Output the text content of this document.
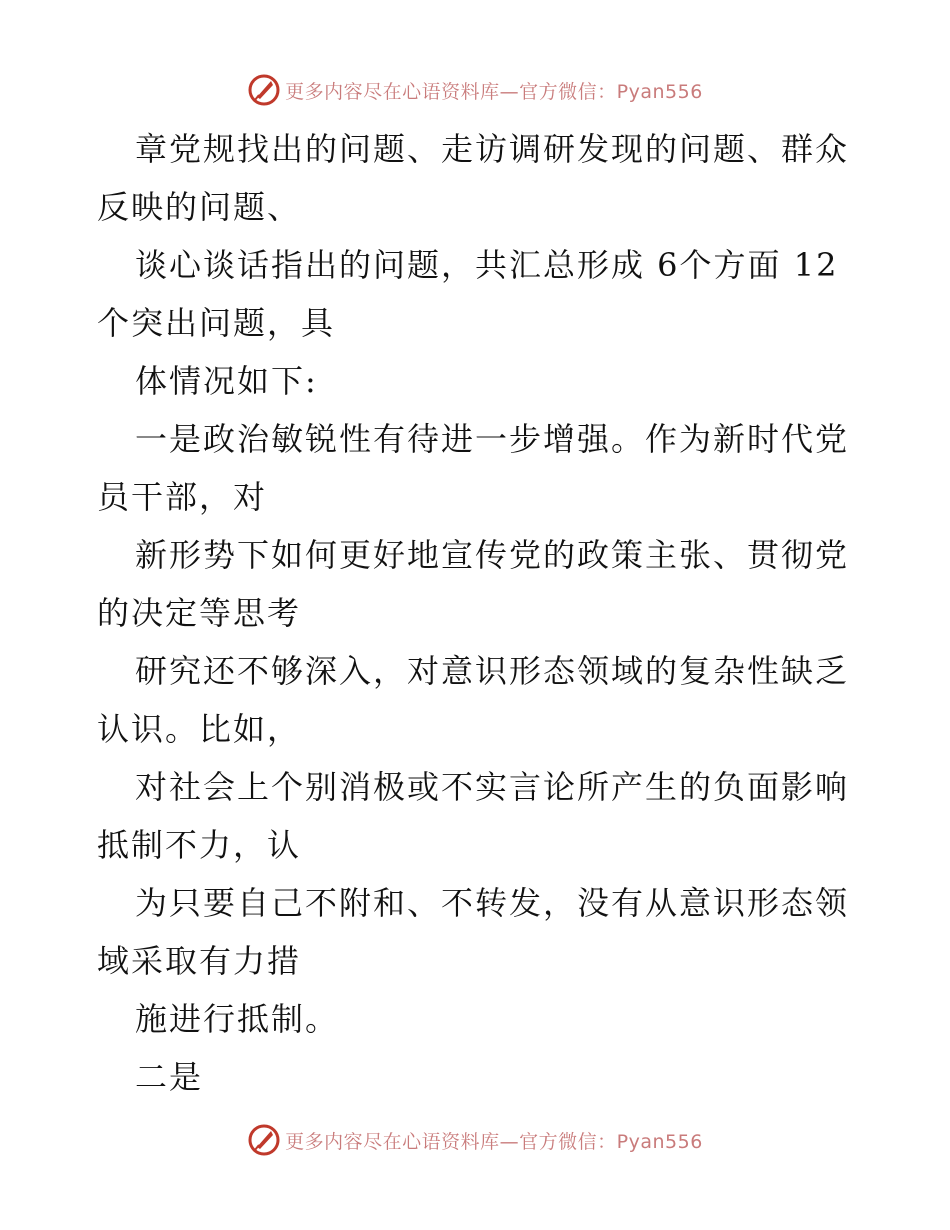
更多内容尽在心语资料库—官方微信：Pyan556
章党规找出的问题、走访调研发现的问题、群众
反映的问题、
谈心谈话指出的问题，共汇总形成 6个方面 12
个突出问题，具
体情况如下:
一是政治敏锐性有待进一步增强。作为新时代党
员干部，对
新形势下如何更好地宣传党的政策主张、贯彻党
的决定等思考
研究还不够深入，对意识形态领域的复杂性缺乏
认识。比如，
对社会上个别消极或不实言论所产生的负面影响
抵制不力，认
为只要自己不附和、不转发，没有从意识形态领
域采取有力措
施进行抵制。
二是
更多内容尽在心语资料库—官方微信：Pyan556
